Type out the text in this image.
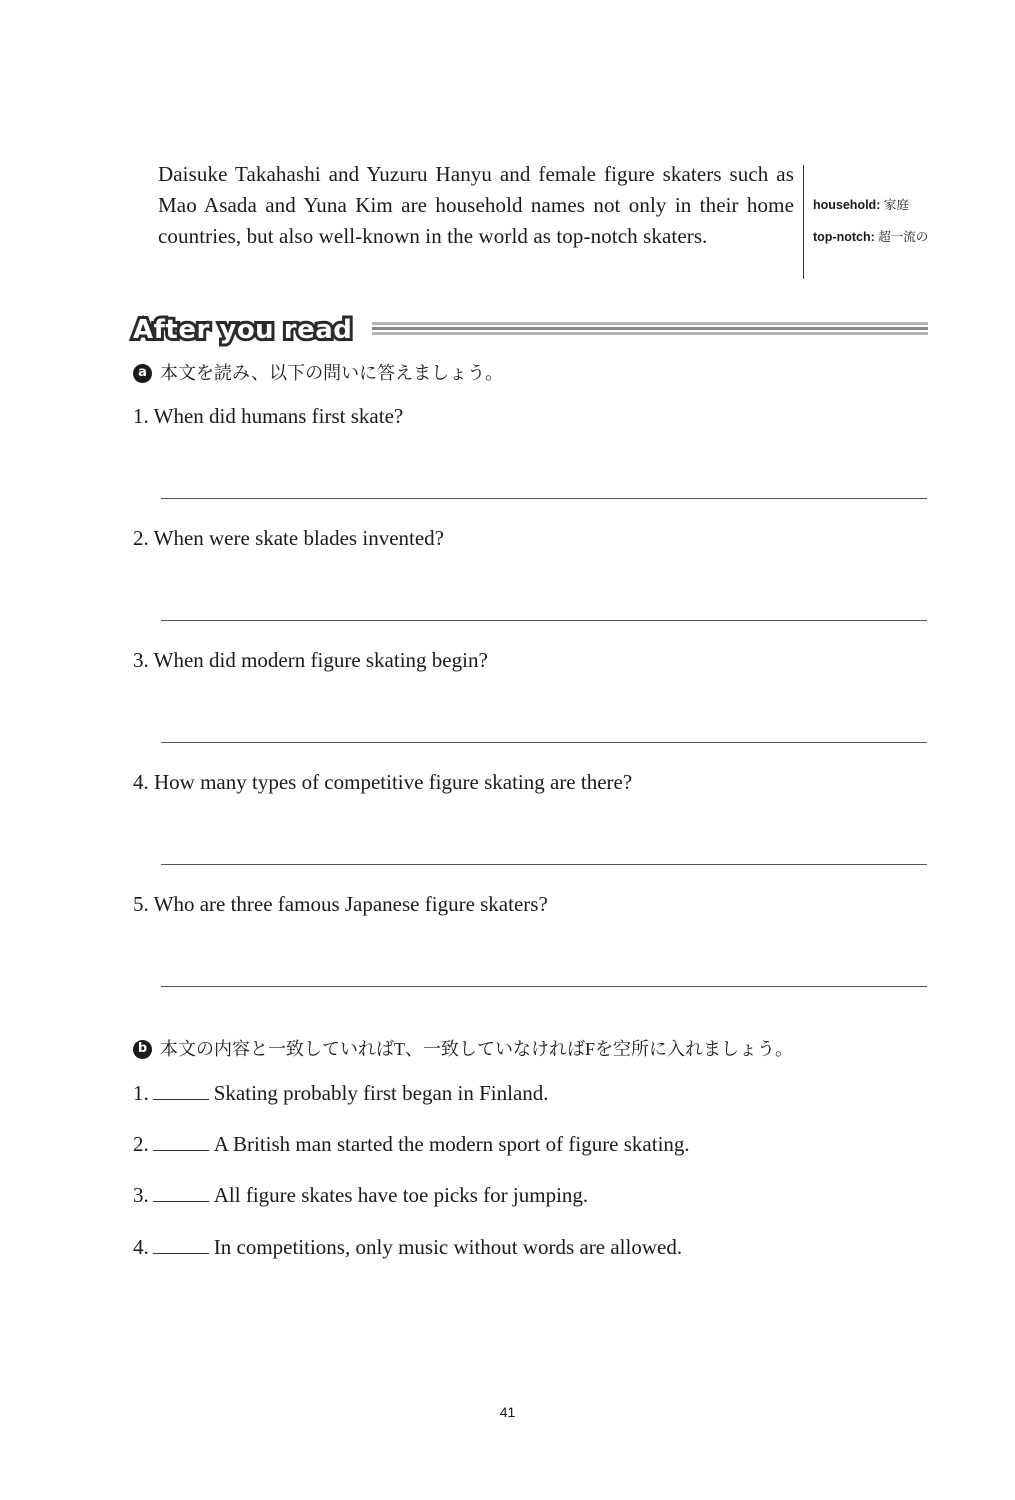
Daisuke Takahashi and Yuzuru Hanyu and female figure skaters such as Mao Asada and Yuna Kim are household names not only in their home countries, but also well-known in the world as top-notch skaters.
household: 家庭
top-notch: 超一流の
After you read
a 本文を読み、以下の問いに答えましょう。
1. When did humans first skate?
2. When were skate blades invented?
3. When did modern figure skating begin?
4. How many types of competitive figure skating are there?
5. Who are three famous Japanese figure skaters?
b 本文の内容と一致していればT、一致していなければFを空所に入れましょう。
1.	Skating probably first began in Finland.
2.	A British man started the modern sport of figure skating.
3.	All figure skates have toe picks for jumping.
4.	In competitions, only music without words are allowed.
41
